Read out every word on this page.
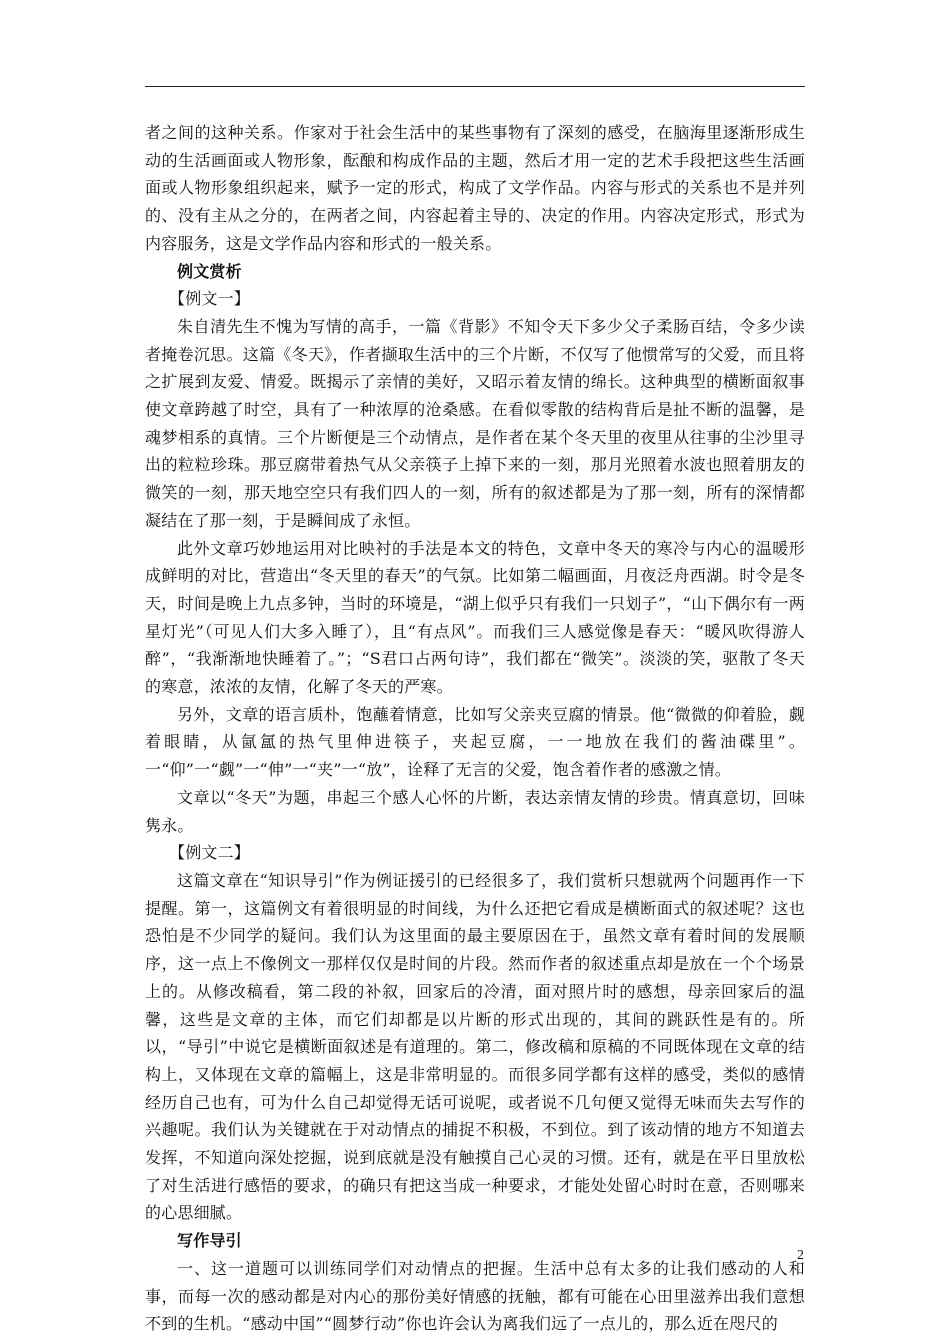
者之间的这种关系。作家对于社会生活中的某些事物有了深刻的感受，在脑海里逐渐形成生动的生活画面或人物形象，酝酿和构成作品的主题，然后才用一定的艺术手段把这些生活画面或人物形象组织起来，赋予一定的形式，构成了文学作品。内容与形式的关系也不是并列的、没有主从之分的，在两者之间，内容起着主导的、决定的作用。内容决定形式，形式为内容服务，这是文学作品内容和形式的一般关系。

例文赏析

【例文一】

朱自清先生不愧为写情的高手，一篇《背影》不知令天下多少父子柔肠百结，令多少读者掩卷沉思。这篇《冬天》，作者撷取生活中的三个片断，不仅写了他惯常写的父爱，而且将之扩展到友爱、情爱。既揭示了亲情的美好，又昭示着友情的绵长。这种典型的横断面叙事使文章跨越了时空，具有了一种浓厚的沧桑感。在看似零散的结构背后是扯不断的温馨，是魂梦相系的真情。三个片断便是三个动情点，是作者在某个冬天里的夜里从往事的尘沙里寻出的粒粒珍珠。那豆腐带着热气从父亲筷子上掉下来的一刻，那月光照着水波也照着朋友的微笑的一刻，那天地空空只有我们四人的一刻，所有的叙述都是为了那一刻，所有的深情都凝结在了那一刻，于是瞬间成了永恒。

此外文章巧妙地运用对比映衬的手法是本文的特色，文章中冬天的寒冷与内心的温暖形成鲜明的对比，营造出“冬天里的春天”的气氛。比如第二幅画面，月夜泛舟西湖。时令是冬天，时间是晚上九点多钟，当时的环境是，“湖上似乎只有我们一只划子”，“山下偶尔有一两星灯光”（可见人们大多入睡了），且“有点风”。而我们三人感觉像是春天：“暖风吹得游人醉”，“我渐渐地快睡着了。”；“S君口占两句诗”，我们都在“微笑”。淡淡的笑，驱散了冬天的寒意，浓浓的友情，化解了冬天的严寒。

另外，文章的语言质朴，饱蘸着情意，比如写父亲夹豆腐的情景。他“微微的仰着脸，觑着眼睛，从氤氲的热气里伸进筷子，夹起豆腐，一一地放在我们的酱油碟里”。一“仰”一“觑”一“伸”一“夹”一“放”，诠释了无言的父爱，饱含着作者的感激之情。

文章以“冬天”为题，串起三个感人心怀的片断，表达亲情友情的珍贵。情真意切，回味隽永。

【例文二】

这篇文章在“知识导引”作为例证援引的已经很多了，我们赏析只想就两个问题再作一下提醒。第一，这篇例文有着很明显的时间线，为什么还把它看成是横断面式的叙述呢？这也恐怕是不少同学的疑问。我们认为这里面的最主要原因在于，虽然文章有着时间的发展顺序，这一点上不像例文一那样仅仅是时间的片段。然而作者的叙述重点却是放在一个个场景上的。从修改稿看，第二段的补叙，回家后的冷清，面对照片时的感想，母亲回家后的温馨，这些是文章的主体，而它们却都是以片断的形式出现的，其间的跳跃性是有的。所以，“导引”中说它是横断面叙述是有道理的。第二，修改稿和原稿的不同既体现在文章的结构上，又体现在文章的篇幅上，这是非常明显的。而很多同学都有这样的感受，类似的感情经历自己也有，可为什么自己却觉得无话可说呢，或者说不几句便又觉得无味而失去写作的兴趣呢。我们认为关键就在于对动情点的捕捉不积极，不到位。到了该动情的地方不知道去发挥，不知道向深处挖掘，说到底就是没有触摸自己心灵的习惯。还有，就是在平日里放松了对生活进行感悟的要求，的确只有把这当成一种要求，才能处处留心时时在意，否则哪来的心思细腻。

写作导引

一、这一道题可以训练同学们对动情点的把握。生活中总有太多的让我们感动的人和事，而每一次的感动都是对内心的那份美好情感的抚触，都有可能在心田里滋养出我们意想不到的生机。“感动中国”“圆梦行动”你也许会认为离我们远了一点儿的，那么近在咫尺的

2
